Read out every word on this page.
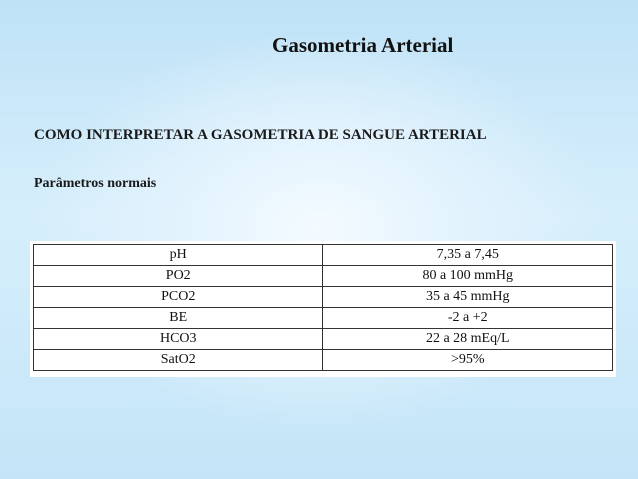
Gasometria Arterial
COMO INTERPRETAR A GASOMETRIA DE SANGUE ARTERIAL
Parâmetros normais
pH	7,35 a 7,45
PO2	80 a 100 mmHg
PCO2	35 a 45 mmHg
BE	-2 a +2
HCO3	22 a 28 mEq/L
SatO2	>95%
